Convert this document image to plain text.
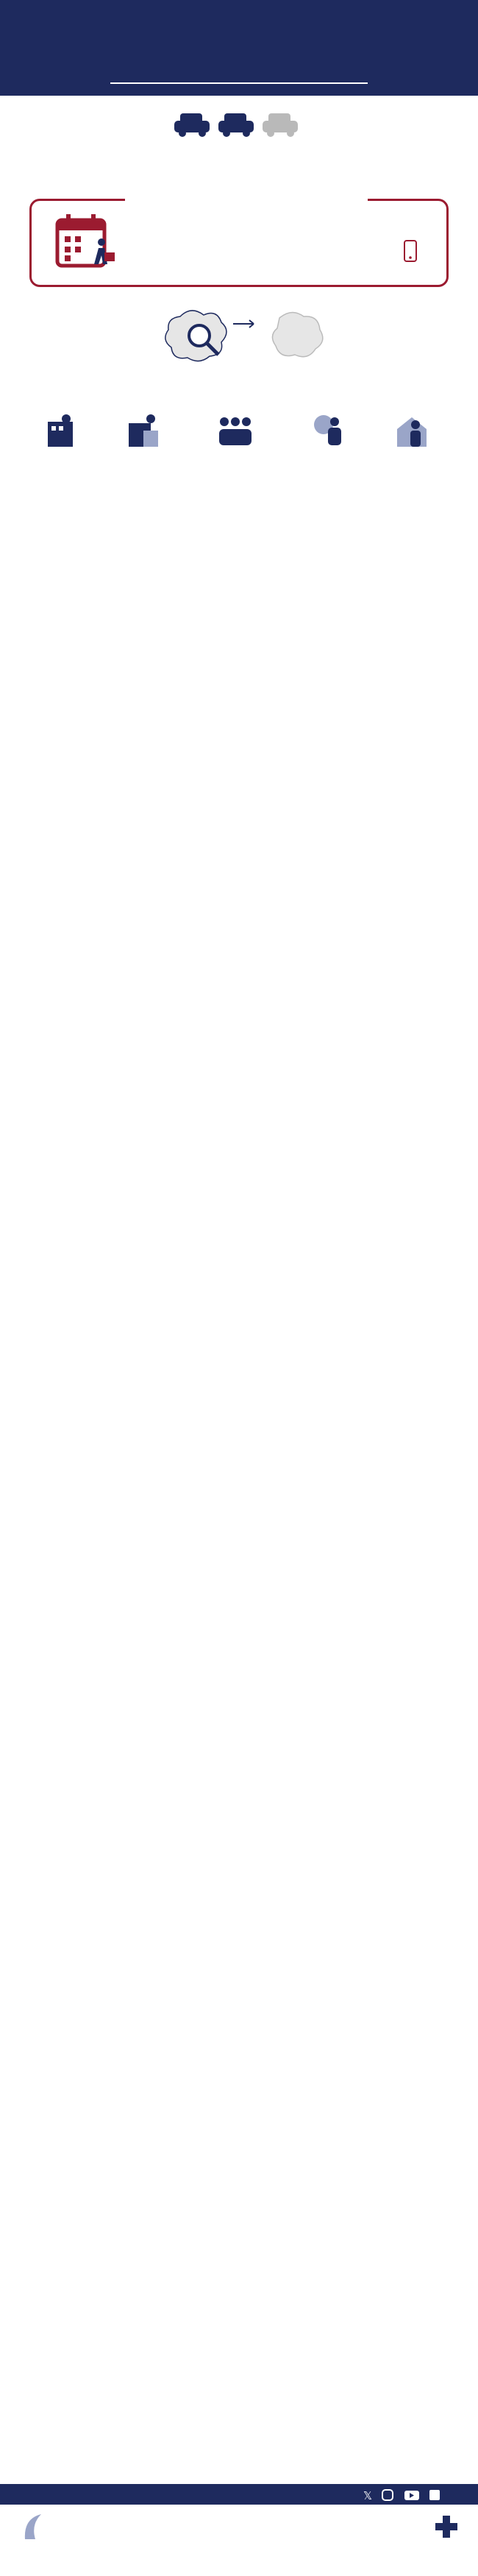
𝕏
